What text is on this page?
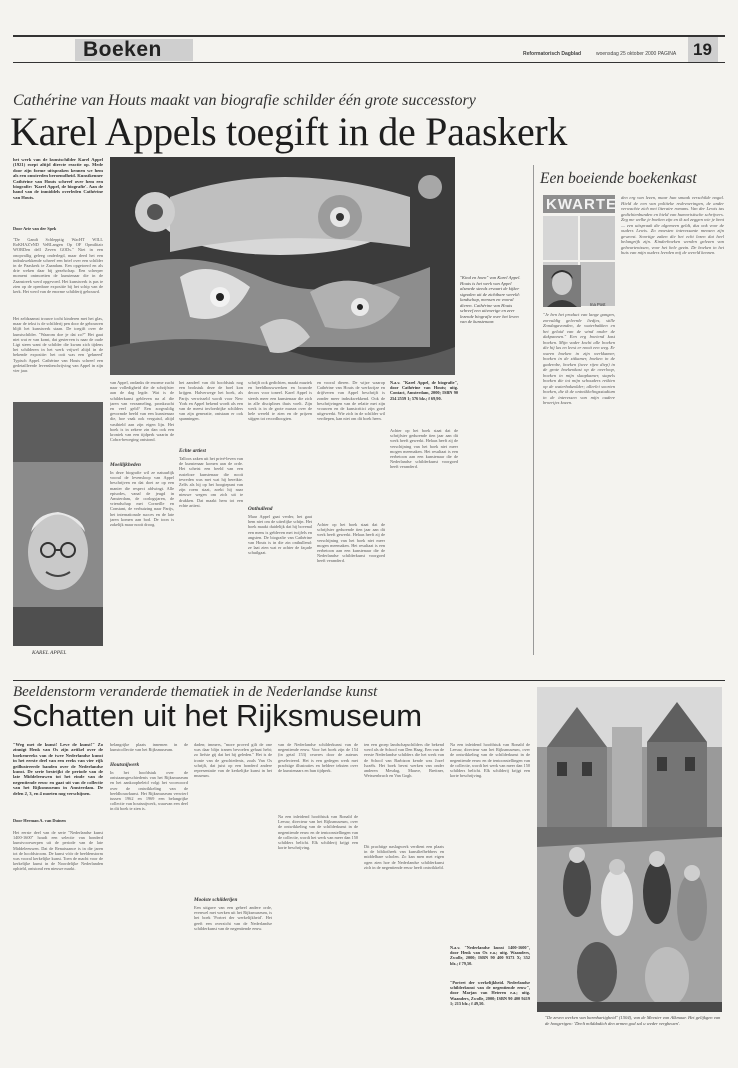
Boeken	Reformatorisch Dagblad	woensdag 25 oktober 2000 PAGINA 19
Cathérine van Houts maakt van biografie schilder één grote successtory
Karel Appels toegift in de Paaskerk
het werk van de kunstschilder Karel Appel (1921) roept altijd directe reactie op. Mede door zijn forme uitspraken kennen we hem als een omstreden beroemdheid. Kunstkenner Cathérine van Houts schreef over hem een biografie: 'Karel Appel, de biografie'. Aan de hand van de inmiddels overleden Cathérine van Houts.
Door Arie van der Spek
"De Gandt Schlepptig WacHT WILL RoKHAZ'eND VeRLangen Op OF Opmilitair WORDen dell Zeven GODs." Niet in een onopvallig geleeg onderlegd, maar deed het een indrukwekkende schreef een brief over een schilder in de Paaskerk te Zaandam. Een opgetoerd en als drie weken daar bij gezelschap. Een scherper moment ontmoetten de kunstenaar die in de Zaanstreek werd opgevoed. Het kunstwerk is pas te zien op de openbare expositie bij het schip van de kerk. Het werd van de enorme schilderij gebouwd.
Het zeldzaamst trouwe tocht kinderen met het glas, maar de tekst is de schilderij pen door de gebouwen blijft het kunstwerk staan. De toegift over de kunstschilder. "Waarom doe je dat zo?" Het gaat niet wat er van komt, dat gesterven is naar de oude Ligt steen want de schilder die kwam zich tijdens het schilderen in het werk vrijwel altijd in de bekende expositie: het ooit was een 'gekneed' Typisch Appel. Cathérine van Houts schreef een gedetailleerde levensbeschrijving van Appel in zijn vier jaar.
KAREL APPEL
"Kind en hoen" van Karel Appel. Houts is het werk van Appel alsmede steeds ervaart de kijker signalen uit de zichtbare wereld: landschap, mensen en vooral dieren. Cathérine van Houts schreef een uitvoerige en zeer lezende biografie over het leven van de kunstenaar.
van Appel, ondanks de enorme zucht naar volledigheid die de schrijfster aan de dag legde. Wat is de schilderkunst gebleven na al die jaren van verzameling, pronkzucht en veel geld? Een zorgvuldig gevormde beeld van een kunstenaar die, hoe vaak ook verguisd, altijd vasthield aan zijn eigen lijn. Het boek is in zekere zin dan ook een kroniek van een tijdperk waarin de Cobra-beweging ontstond.
Moeilijkheden
In deze biografie wil ze natuurlijk vooral de levensloop van Appel beschrijven en dat doet ze op een manier die respect afdwingt. Alle episodes, vanaf de jeugd in Amsterdam, de oorlogsjaren, de vriendschap met Corneille en Constant, de verhuizing naar Parijs, het internationale succes en de late jaren komen aan bod. De toon is zakelijk maar nooit droog.
het aandeel van dit hoofdstuk nog een brokstuk deze de boel kon krijgen. Halverwege het boek, als Parijs verwisseld wordt voor New York en Appel bekend wordt als een van de meest invloedrijke schilders van zijn generatie, ontstaan er ook spanningen.
Echte artiest
Talloos zaken uit het privé-leven van de kunstenaar komen aan de orde. Het schetst een beeld van een rusteloze kunstenaar die nooit tevreden was met wat hij bereikte. Zelfs als hij op het hoogtepunt van zijn roem staat, zoekt hij naar nieuwe wegen om zich uit te drukken. Dat maakt hem tot een echte artiest.
schrijft ook gedichten, maakt muziek en beeldhouwwerken en bouwde decors voor toneel. Karel Appel is steeds meer een kunstenaar die zich in alle disciplines thuis voelt. Zijn werk is in de grote musea over de hele wereld te zien en de prijzen stijgen tot recordhoogten.
Onthullend
Maar Appel gaat verder, het gaat hem niet om de uiterlijke schijn. Het boek maakt duidelijk dat hij bovenal een mens is gebleven met twijfels en angsten. De biografie van Cathérine van Houts is in die zin onthullend: ze laat zien wat er achter de façade schuilgaat.
en vooral dieren. De wijze waarop Cathérine van Houts de werkwijze en drijfveren van Appel beschrijft is zonder meer indrukwekkend. Ook de beschrijvingen van de relatie met zijn vrouwen en de kunstcritici zijn goed uitgewerkt. Wie zich in de schilder wil verdiepen, kan niet om dit boek heen.
Achter op het boek staat dat de schrijfster gedurende tien jaar aan dit werk heeft gewerkt. Helaas heeft zij de verschijning van het boek niet meer mogen meemaken. Het resultaat is een eerbetoon aan een kunstenaar die de Nederlandse schilderkunst voorgoed heeft veranderd.
N.a.v. "Karel Appel, de biografie", door Cathérine van Houts; uitg. Contact, Amsterdam, 2000; ISBN 90 254 2559 1; 576 blz.; f 69,90.
Achter op het boek staat dat de schrijfster gedurende tien jaar aan dit werk heeft gewerkt. Helaas heeft zij de verschijning van het boek niet meer mogen meemaken. Het resultaat is een eerbetoon aan een kunstenaar die de Nederlandse schilderkunst voorgoed heeft veranderd.
Een boeiende boekenkast
KWARTET
Ina Post
"Je ben het product van lange gangen, zorvuldig geleerde liedjes, stille Zondagavonden, de waterbakken en het geluid van de wind onder de dakpannen." Een erg boeiend kast boeken. Mijn vader kocht alle boeken die hij las en leest er nooit een weg. Er waren boeken in zijn werkkamer, boeken in de zitkamer, boeken in de gaderobe, boeken (twee rijen diep) in de grote boekenkast op de overloop, boeken in mijn slaapkamer, stapels boeken die tot mijn schouders reikten op de waterbakzolder; allerlei soorten boeken, die ik de ontwikkelingsstudium in de interessen van mijn oudere broertjes kozen.
den erg van lezen, maar hun smaak verschilde nogal. Hield de een van politieke redevoeringen, de ander verwachte zich met literaire romans. Van der Lewis tas gedichtenbunden en hield van humoristische schrijvers. Zeg me welke je boeken zijn en ik zal zeggen wie je bent — een uitspraak die algemeen geldt, dus ook voor de ouders Lewis. Zo moesten interessante mensen zijn geweest. Soortige zaken die het echt lezen dat heel belangrijk zijn. Kinderboeken werden gelezen van gebeurtenissen, voor het hele gezin. De boeken in het huis van mijn ouders leerden mij de wereld kennen.
Beeldenstorm veranderde thematiek in de Nederlandse kunst
Schatten uit het Rijksmuseum
"Weg met de kunst! Leve de kunst!" Zo zinnigt Henk van Os zijn artikel over de boekenreeks van de twee Nederlandse kunst in het eerste deel van een reeks van vier rijk geïllustreerde banden over de Nederlandse kunst. De serie bestrijkt de periode van de late Middeleeuwen tot het einde van de negentiende eeuw en gaat uit van de collectie van het Rijksmuseum in Amsterdam. De delen 2, 3, en 4 moeten nog verschijnen.
Door Herman A. van Duinen
Het eerste deel van de serie "Nederlandse kunst 1400-1600" houdt een selectie van honderd kunstvoorwerpen uit de periode van de late Middeleeuwen. Dat de Renaissance is in die jaren tot de hoofdstroom. De kunst vóór de beeldenstorm was vooral kerkelijke kunst. Toen de macht voor de kerkelijke kunst in de Noordelijke Nederlanden ophield, ontstond een nieuwe markt.
belangrijke plaats innemen in de kunstcollectie van het Rijksmuseum.
Houtsnijwerk
In het hoofdstuk over de ontstaansgeschiedenis van het Rijksmuseum en het aankoopbeleid volgt het voorwoord over de ontwikkeling van de beeldhouwkunst. Het Rijksmuseum verwierf tussen 1962 en 1969 een belangrijke collectie van houtsnijwerk, waarvan een deel in dit boek te zien is.
daden; immers, "more proved gilt de one was daar blijn tranen bevoelen gehaat hebt; zo liefste gij dat het hij geleden." Het is de ironie van de geschiedenis, zoals Van Os schrijft, dat juist op een honderd andere representatie van de kerkelijke kunst in het museum.
Mooiste schilderijen
Een uitgave van een geheel andere orde, evenwel met werken uit het Rijksmuseum, is het boek 'Portret der werkelijkheid'. Het geeft een overzicht van de Nederlandse schilderkunst van de negentiende eeuw.
van de Nederlandse schilderkunst van de negentiende eeuw. Voor het boek zijn de 154 (in getal 153) ceuvres door de auteurs geselecteerd. Het is een gedegen werk met prachtige illustraties en heldere teksten over de kunstenaars en hun tijdperk.
Na een inleidend hoofdstuk van Ronald de Leeuw, directeur van het Rijksmuseum, over de ontwikkeling van de schilderkunst in de negentiende eeuw en de tentoonstellingen van de collectie, wordt het werk van meer dan 150 schilders belicht. Elk schilderij krijgt een korte beschrijving.
ten een groep landschapschilders die bekend werd als de School van Den Haag. Een van de eerste Nederlandse schilders die het werk van de School van Barbizon kende was Jozef Israëls. Het boek bevat werken van onder anderen Mesdag, Mauve, Breitner, Weissenbruch en Van Gogh.
Dit prachtige naslagwerk verdient een plaats in de bibliotheek van kunstliefhebbers en middelbare scholen. Zo kan men met eigen ogen zien hoe de Nederlandse schilderkunst zich in de negentiende eeuw heeft ontwikkeld.
N.a.v. "Nederlandse kunst 1400-1600", door Henk van Os e.a.; uitg. Waanders, Zwolle, 2000; ISBN 90 400 9373 X; 352 blz.; f 79,50.
"Portret der werkelijkheid. Nederlandse schilderkunst van de negentiende eeuw", door Marjan van Heteren e.a.; uitg. Waanders, Zwolle, 2000; ISBN 90 400 9419 1; 215 blz.; f 49,50.
Na een inleidend hoofdstuk van Ronald de Leeuw, directeur van het Rijksmuseum, over de ontwikkeling van de schilderkunst in de negentiende eeuw en de tentoonstellingen van de collectie, wordt het werk van meer dan 150 schilders belicht. Elk schilderij krijgt een korte beschrijving.
"De zeven werken van barmhartigheid" (1504), van de Meester van Alkmaar. Het gelijkgen van de hongerigen: 'Deelt milddadich den armen god sal u weder vergheuen'.
